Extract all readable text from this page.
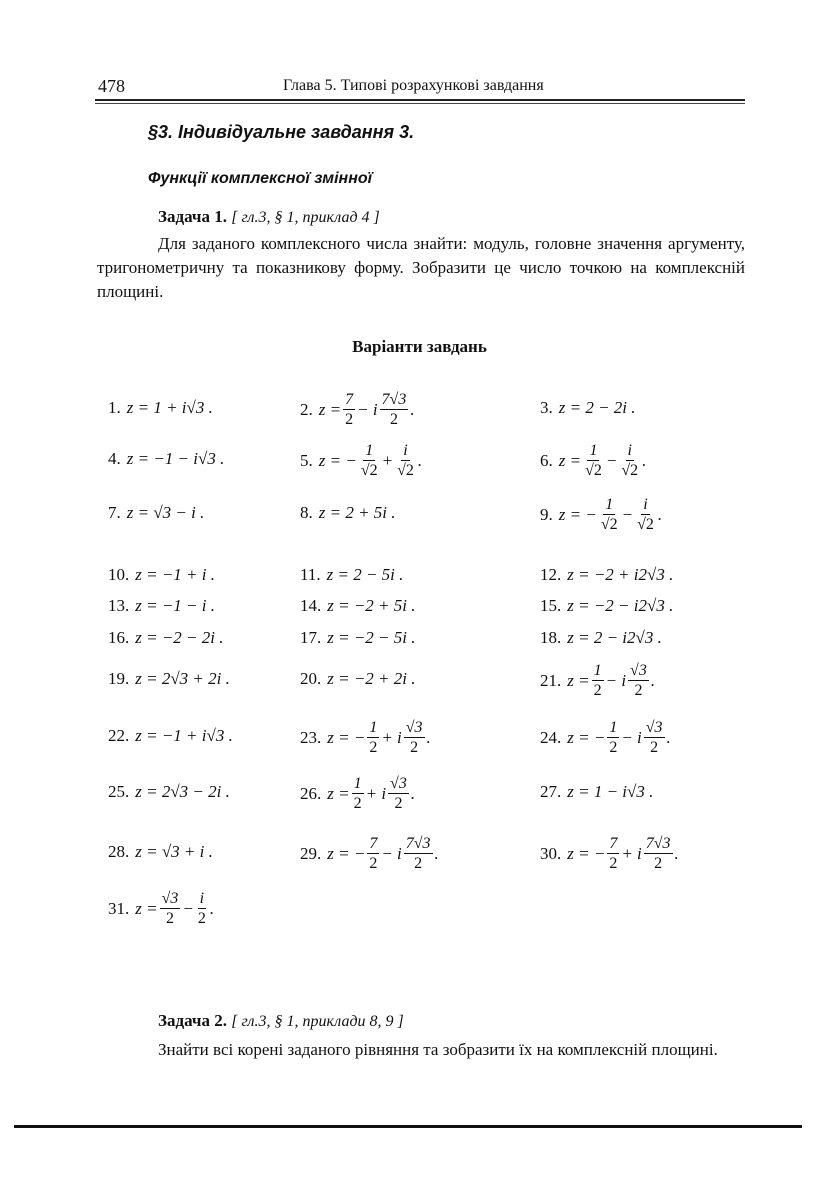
478	Глава 5. Типові розрахункові завдання
§3. Індивідуальне завдання 3.
Функції комплексної змінної
Задача 1. [ гл.3, § 1, приклад 4 ]
Для заданого комплексного числа знайти: модуль, головне значення аргументу, тригонометричну та показникову форму. Зобразити це число точкою на комплексній площині.
Варіанти завдань
1. z = 1 + i√3 .	2. $z = \frac{7}{2} - i \frac{7√3}{2}$ .	3. z = 2 − 2i .
4. z = −1 − i√3 .	5. z = − $\frac{1}{√2} + \frac{i}{√2}$ .	6. $z = \frac{1}{√2} - \frac{i}{√2}$ .
7. z = √3 − i .	8. z = 2 + 5i .	9. z = − $\frac{1}{√2} - \frac{i}{√2}$ .
10. z = −1 + i .	11. z = 2 − 5i .	12. z = −2 + i2√3 .
13. z = −1 − i .	14. z = −2 + 5i .	15. z = −2 − i2√3 .
16. z = −2 − 2i .	17. z = −2 − 5i .	18. z = 2 − i2√3 .
19. z = 2√3 + 2i .	20. z = −2 + 2i .	21. $z = \frac{1}{2} - i \frac{√3}{2}$ .
22. z = −1 + i√3 .	23. z = − $\frac{1}{2} + i \frac{√3}{2}$ .	24. z = − $\frac{1}{2} - i \frac{√3}{2}$ .
25. z = 2√3 − 2i .	26. $z = \frac{1}{2} + i \frac{√3}{2}$ .	27. z = 1 − i√3 .
28. z = √3 + i .	29. z = − $\frac{7}{2} - i \frac{7√3}{2}$ .	30. z = − $\frac{7}{2} + i \frac{7√3}{2}$ .
31. $z = \frac{√3}{2} - \frac{i}{2}$ .
Задача 2. [ гл.3, § 1, приклади 8, 9 ]
Знайти всі корені заданого рівняння та зобразити їх на комплексній площині.
